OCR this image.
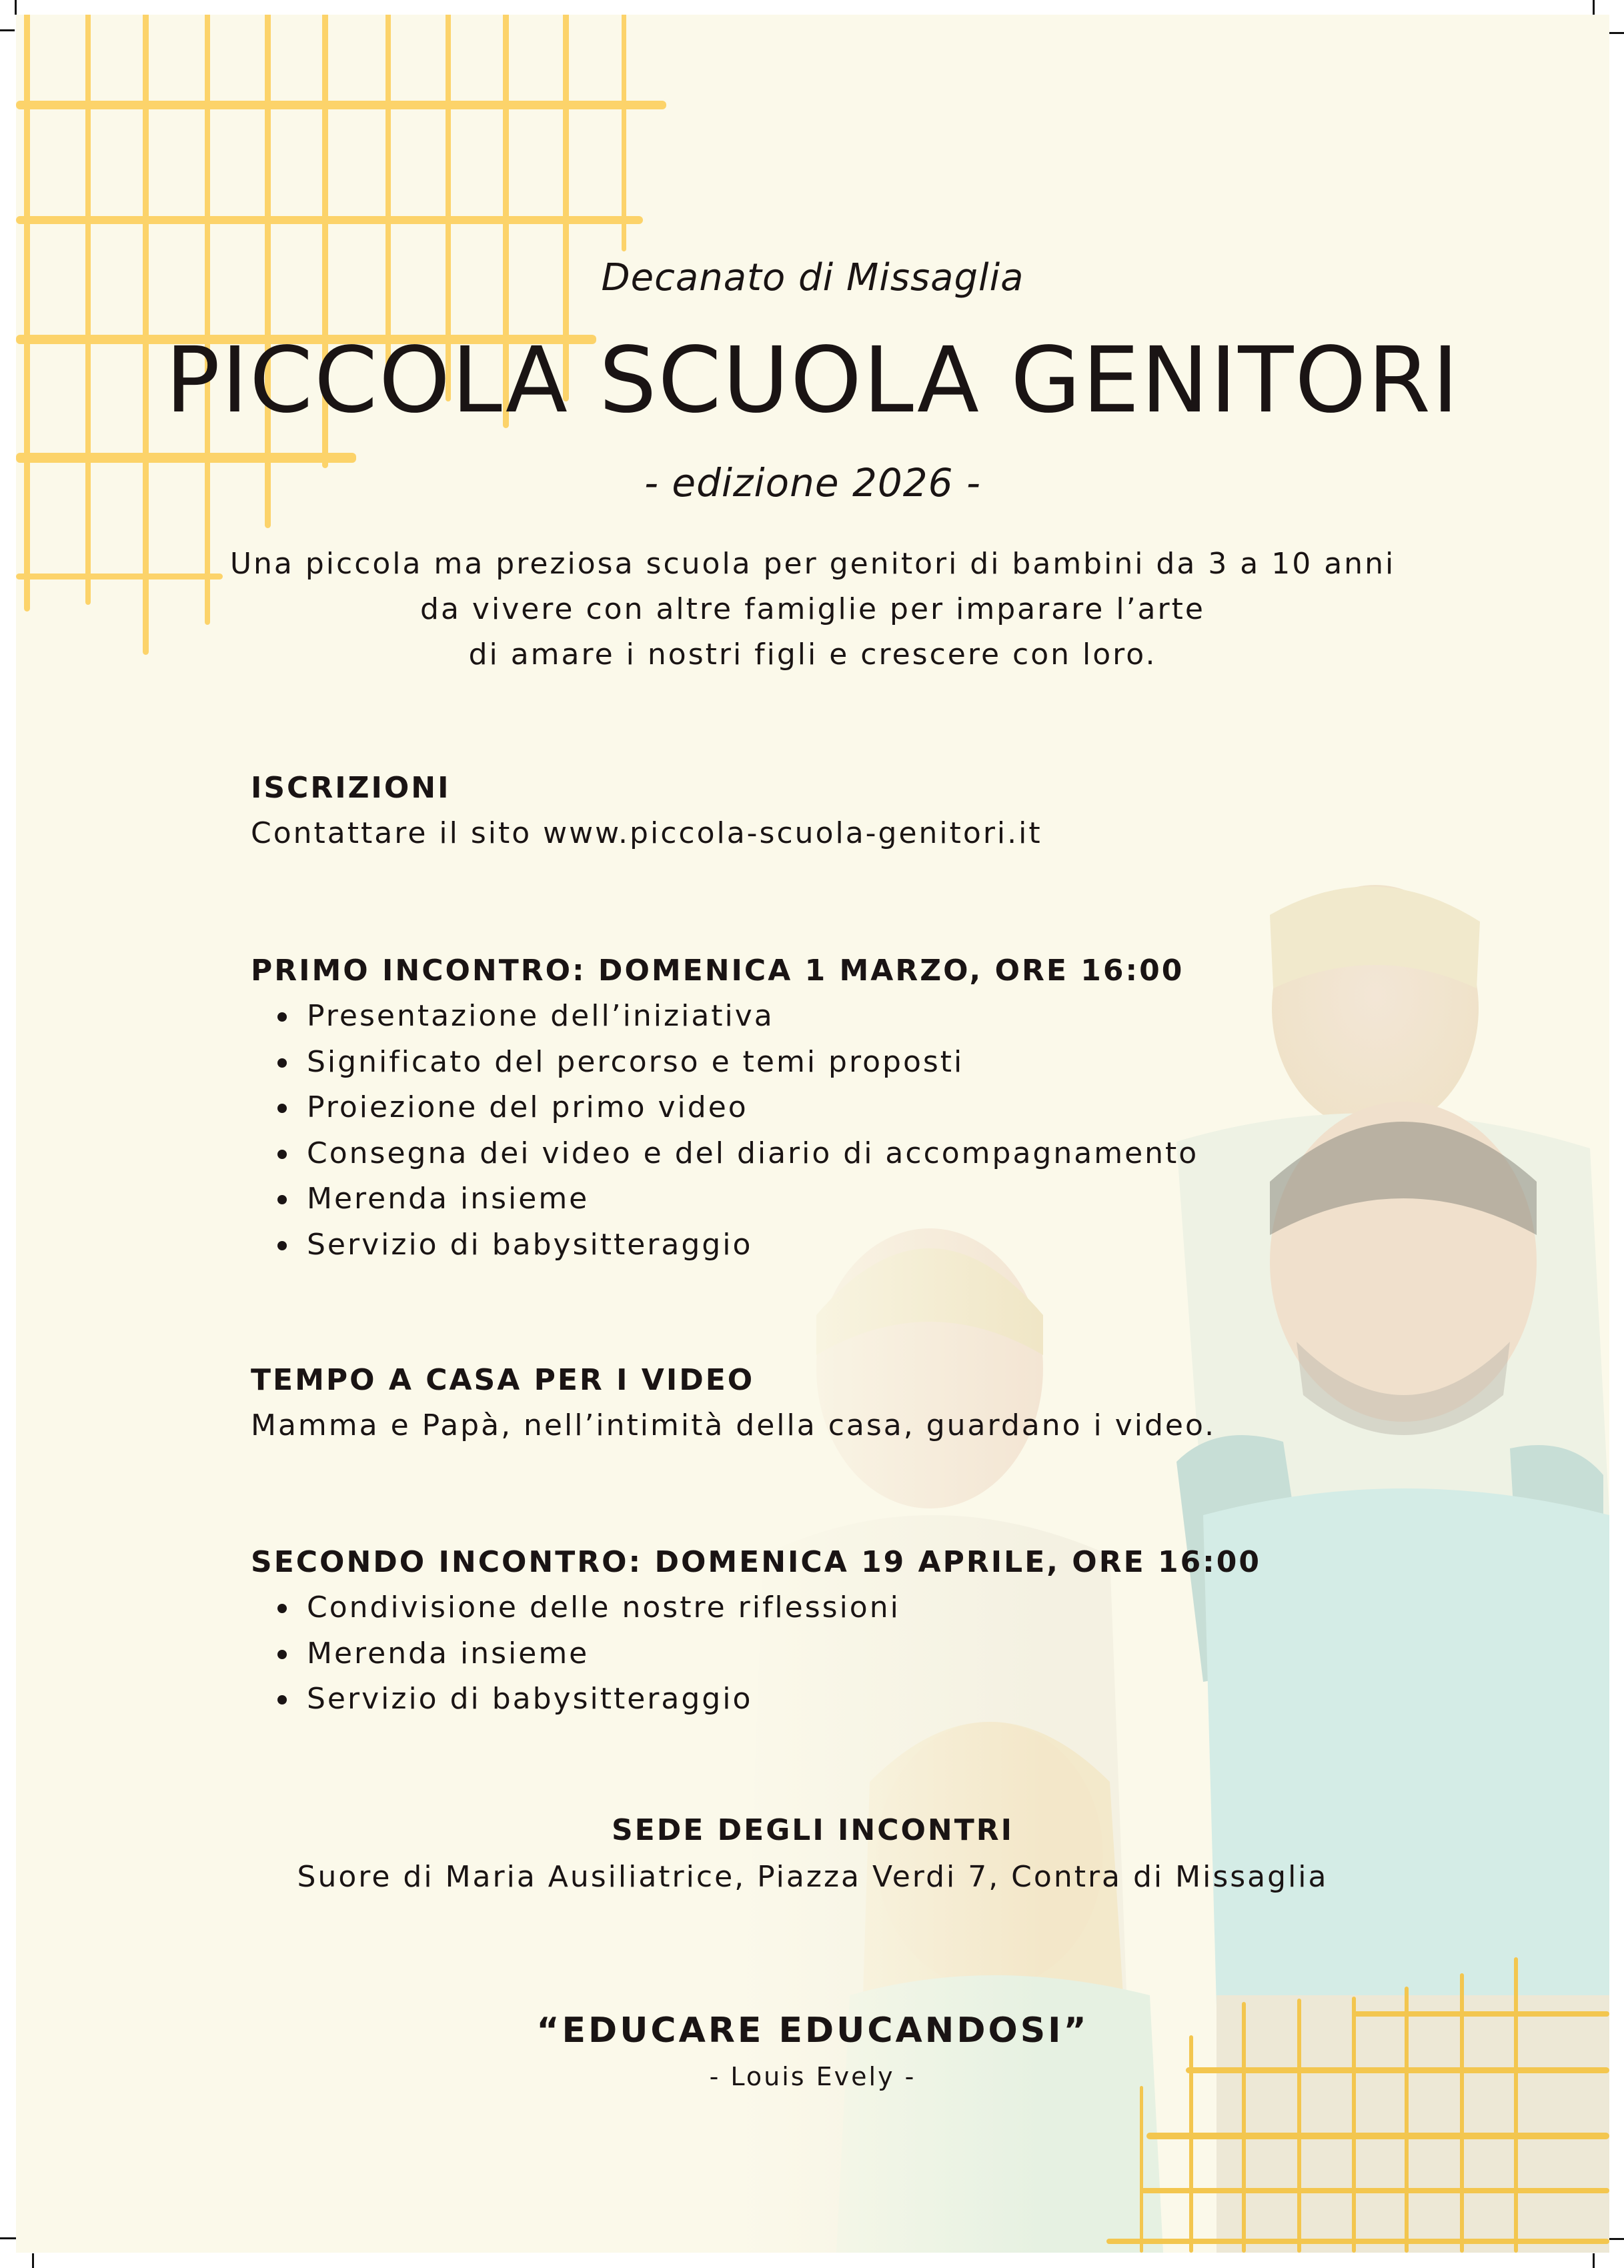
Decanato di Missaglia
PICCOLA SCUOLA GENITORI
- edizione 2026 -
Una piccola ma preziosa scuola per genitori di bambini da 3 a 10 anni
da vivere con altre famiglie per imparare l’arte
di amare i nostri figli e crescere con loro.
ISCRIZIONI
Contattare il sito www.piccola-scuola-genitori.it
PRIMO INCONTRO: DOMENICA 1 MARZO, ORE 16:00
Presentazione dell’iniziativa
Significato del percorso e temi proposti
Proiezione del primo video
Consegna dei video e del diario di accompagnamento
Merenda insieme
Servizio di babysitteraggio
TEMPO A CASA PER I VIDEO
Mamma e Papà, nell’intimità della casa, guardano i video.
SECONDO INCONTRO: DOMENICA 19 APRILE, ORE 16:00
Condivisione delle nostre riflessioni
Merenda insieme
Servizio di babysitteraggio
SEDE DEGLI INCONTRI
Suore di Maria Ausiliatrice, Piazza Verdi 7, Contra di Missaglia
“EDUCARE EDUCANDOSI”
- Louis Evely -
